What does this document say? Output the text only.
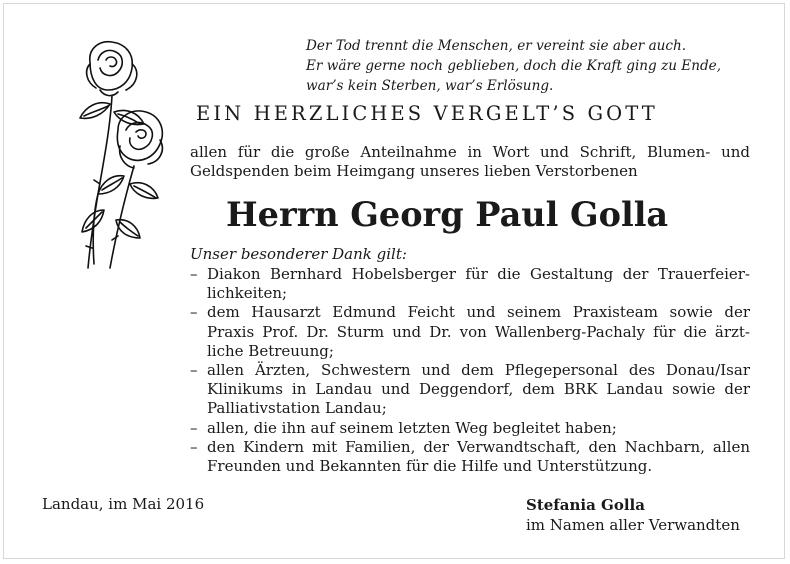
Der Tod trennt die Menschen, er vereint sie aber auch.
Er wäre gerne noch geblieben, doch die Kraft ging zu Ende,
war’s kein Sterben, war’s Erlösung.
EIN HERZLICHES VERGELT’S GOTT
allen für die große Anteilnahme in Wort und Schrift, Blumen- und
Geldspenden beim Heimgang unseres lieben Verstorbenen
Herrn Georg Paul Golla
Unser besonderer Dank gilt:
– Diakon Bernhard Hobelsberger für die Gestaltung der Trauerfeier-
lichkeiten;
– dem Hausarzt Edmund Feicht und seinem Praxisteam sowie der
Praxis Prof. Dr. Sturm und Dr. von Wallenberg-Pachaly für die ärzt-
liche Betreuung;
– allen Ärzten, Schwestern und dem Pflegepersonal des Donau/Isar
Klinikums in Landau und Deggendorf, dem BRK Landau sowie der
Palliativstation Landau;
– allen, die ihn auf seinem letzten Weg begleitet haben;
– den Kindern mit Familien, der Verwandtschaft, den Nachbarn, allen
Freunden und Bekannten für die Hilfe und Unterstützung.
Landau, im Mai 2016	Stefania Golla
im Namen aller Verwandten
